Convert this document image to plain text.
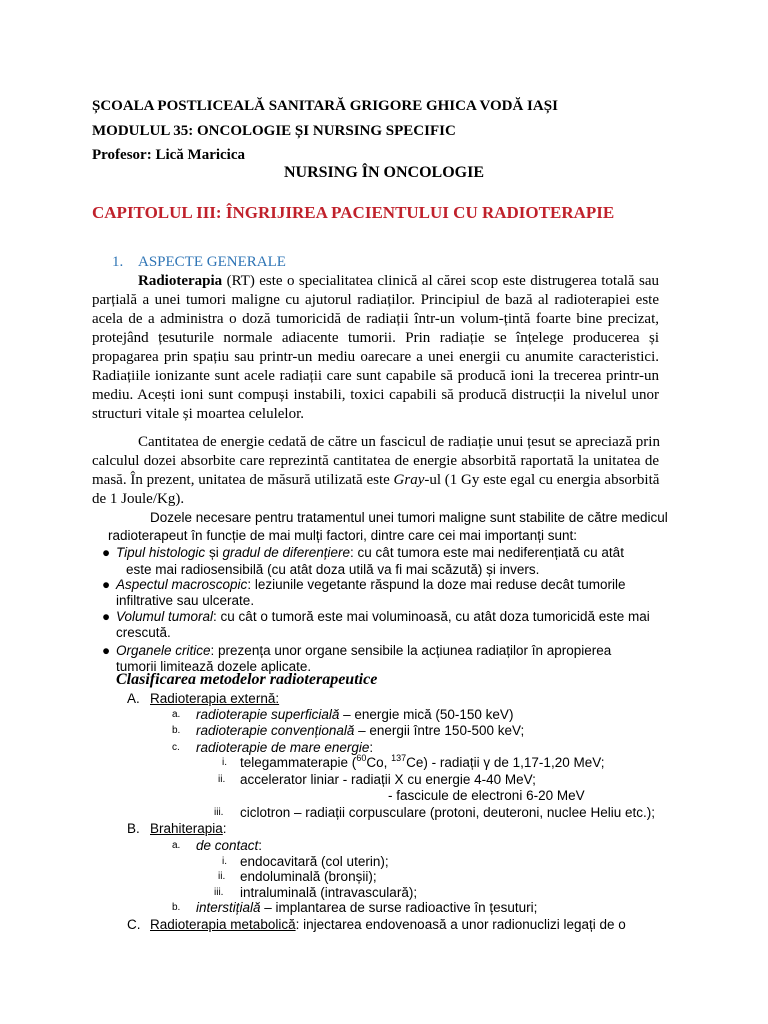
ȘCOALA POSTLICEALĂ SANITARĂ GRIGORE GHICA VODĂ IAȘI
MODULUL 35: ONCOLOGIE ȘI NURSING SPECIFIC
Profesor: Lică Maricica
NURSING ÎN ONCOLOGIE
CAPITOLUL III: ÎNGRIJIREA PACIENTULUI CU RADIOTERAPIE
1. ASPECTE GENERALE
Radioterapia (RT) este o specialitatea clinică al cărei scop este distrugerea totală sau
parțială a unei tumori maligne cu ajutorul radiaților. Principiul de bază al radioterapiei este
acela de a administra o doză tumoricidă de radiații într-un volum-țintă foarte bine precizat,
protejând țesuturile normale adiacente tumorii. Prin radiație se înțelege producerea și
propagarea prin spațiu sau printr-un mediu oarecare a unei energii cu anumite caracteristici.
Radiațiile ionizante sunt acele radiații care sunt capabile să producă ioni la trecerea printr-un
mediu. Acești ioni sunt compuși instabili, toxici capabili să producă distrucții la nivelul unor
structuri vitale și moartea celulelor.
Cantitatea de energie cedată de către un fascicul de radiație unui țesut se apreciază prin
calculul dozei absorbite care reprezintă cantitatea de energie absorbită raportată la unitatea de
masă. În prezent, unitatea de măsură utilizată este Gray-ul (1 Gy este egal cu energia absorbită
de 1 Joule/Kg).
Dozele necesare pentru tratamentul unei tumori maligne sunt stabilite de către medicul
radioterapeut în funcție de mai mulți factori, dintre care cei mai importanți sunt:
● Tipul histologic și gradul de diferențiere: cu cât tumora este mai nediferențiată cu atât
este mai radiosensibilă (cu atât doza utilă va fi mai scăzută) și invers.
● Aspectul macroscopic: leziunile vegetante răspund la doze mai reduse decât tumorile
infiltrative sau ulcerate.
● Volumul tumoral: cu cât o tumoră este mai voluminoasă, cu atât doza tumoricidă este mai
crescută.
● Organele critice: prezența unor organe sensibile la acțiunea radiaților în apropierea
tumorii limitează dozele aplicate.
Clasificarea metodelor radioterapeutice
A. Radioterapia externă:
a. radioterapie superficială – energie mică (50-150 keV)
b. radioterapie convențională – energii între 150-500 keV;
c. radioterapie de mare energie:
i. telegammaterapie ($^{60}$Co, $^{137}$Ce) - radiații γ de 1,17-1,20 MeV;
ii. accelerator liniar - radiații X cu energie 4-40 MeV;
- fascicule de electroni 6-20 MeV
iii. ciclotron – radiații corpusculare (protoni, deuteroni, nuclee Heliu etc.);
B. Brahiterapia:
a. de contact:
i. endocavitară (col uterin);
ii. endoluminală (bronșii);
iii. intraluminală (intravasculară);
b. interstițială – implantarea de surse radioactive în țesuturi;
C. Radioterapia metabolică: injectarea endovenoasă a unor radionuclizi legați de o
